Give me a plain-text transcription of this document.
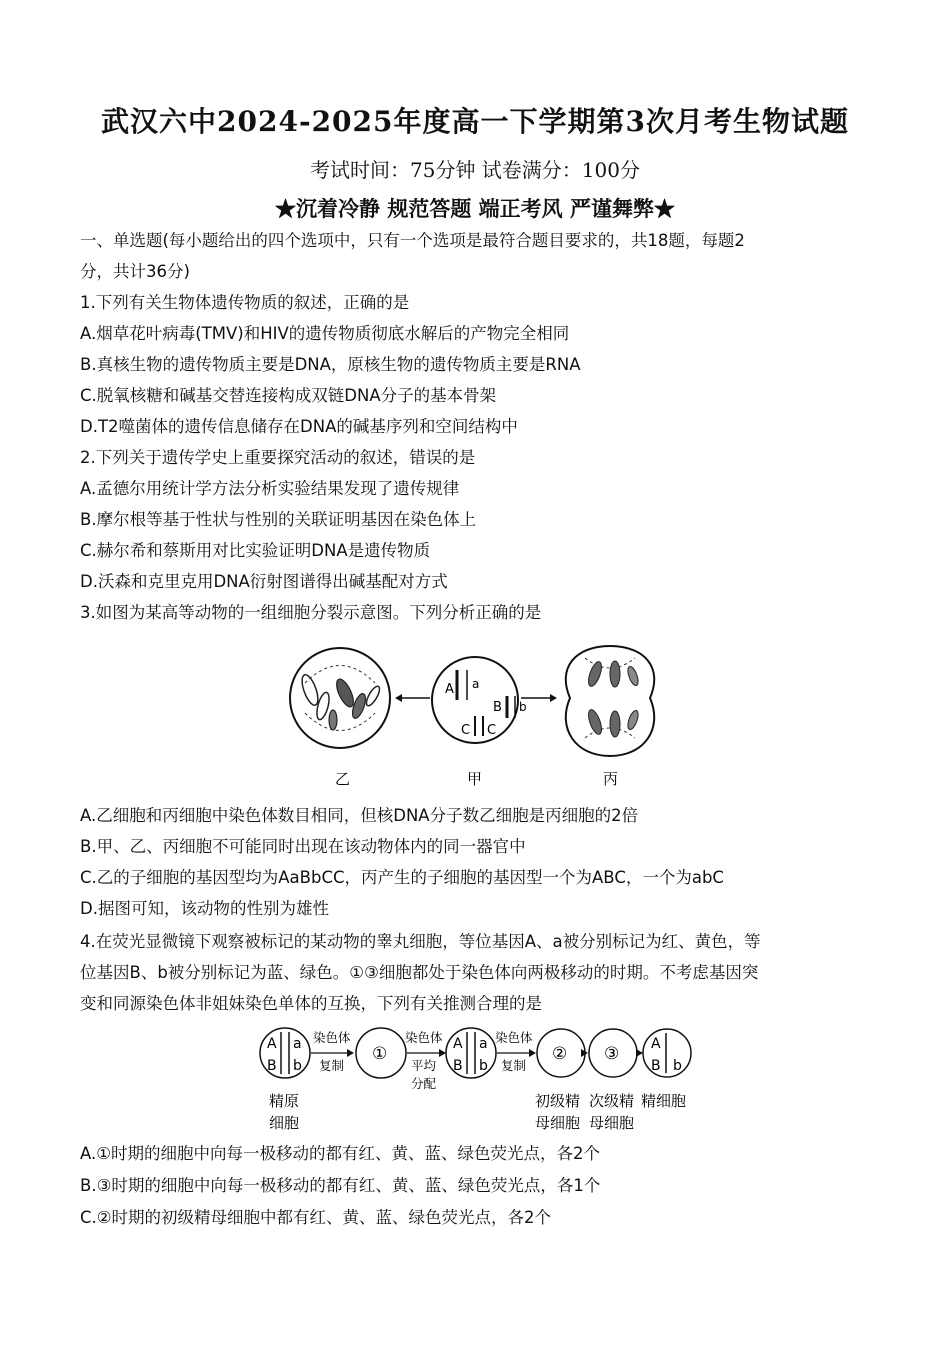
武汉六中2024-2025年度高一下学期第3次月考生物试题
考试时间：75分钟 试卷满分：100分
★沉着冷静 规范答题 端正考风 严谨舞弊★
一、单选题(每小题给出的四个选项中，只有一个选项是最符合题目要求的，共18题，每题2
分，共计36分)
1.下列有关生物体遗传物质的叙述，正确的是
A.烟草花叶病毒(TMV)和HIV的遗传物质彻底水解后的产物完全相同
B.真核生物的遗传物质主要是DNA，原核生物的遗传物质主要是RNA
C.脱氧核糖和碱基交替连接构成双链DNA分子的基本骨架
D.T2噬菌体的遗传信息储存在DNA的碱基序列和空间结构中
2.下列关于遗传学史上重要探究活动的叙述，错误的是
A.孟德尔用统计学方法分析实验结果发现了遗传规律
B.摩尔根等基于性状与性别的关联证明基因在染色体上
C.赫尔希和蔡斯用对比实验证明DNA是遗传物质
D.沃森和克里克用DNA衍射图谱得出碱基配对方式
3.如图为某高等动物的一组细胞分裂示意图。下列分析正确的是
A a
B b
C C
乙	甲	丙
A.乙细胞和丙细胞中染色体数目相同，但核DNA分子数乙细胞是丙细胞的2倍
B.甲、乙、丙细胞不可能同时出现在该动物体内的同一器官中
C.乙的子细胞的基因型均为AaBbCC，丙产生的子细胞的基因型一个为ABC，一个为abC
D.据图可知，该动物的性别为雄性
4.在荧光显微镜下观察被标记的某动物的睾丸细胞，等位基因A、a被分别标记为红、黄色，等
位基因B、b被分别标记为蓝、绿色。①③细胞都处于染色体向两极移动的时期。不考虑基因突
变和同源染色体非姐妹染色单体的互换，下列有关推测合理的是
A a
B b
染色体
复制
①
染色体
平均
分配
A a
B b
染色体
复制
② ③ A
B b
精原
细胞
初级精
母细胞
次级精
母细胞
精细胞
A.①时期的细胞中向每一极移动的都有红、黄、蓝、绿色荧光点，各2个
B.③时期的细胞中向每一极移动的都有红、黄、蓝、绿色荧光点，各1个
C.②时期的初级精母细胞中都有红、黄、蓝、绿色荧光点，各2个
